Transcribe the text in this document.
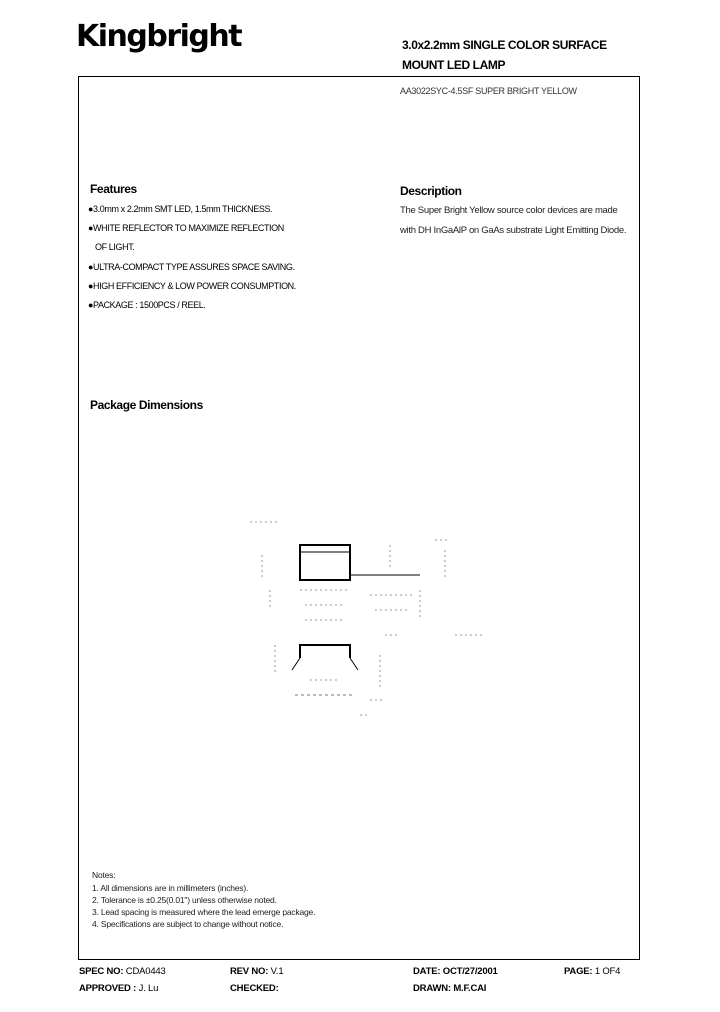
Kingbright	3.0x2.2mm SINGLE COLOR SURFACE
MOUNT LED LAMP
AA3022SYC-4.5SF SUPER BRIGHT YELLOW
Features
●3.0mm x 2.2mm SMT LED, 1.5mm THICKNESS.
●WHITE REFLECTOR TO MAXIMIZE REFLECTION
OF LIGHT.
●ULTRA-COMPACT TYPE ASSURES SPACE SAVING.
●HIGH EFFICIENCY & LOW POWER CONSUMPTION.
●PACKAGE : 1500PCS / REEL.
Description
The Super Bright Yellow source color devices are made
with DH InGaAlP on GaAs substrate Light Emitting Diode.
Package Dimensions
Notes:
1. All dimensions are in millimeters (inches).
2. Tolerance is ±0.25(0.01") unless otherwise noted.
3. Lead spacing is measured where the lead emerge package.
4. Specifications are subject to change without notice.
SPEC NO: CDA0443	REV NO: V.1	DATE: OCT/27/2001	PAGE: 1 OF4
APPROVED : J. Lu	CHECKED:	DRAWN: M.F.CAI
